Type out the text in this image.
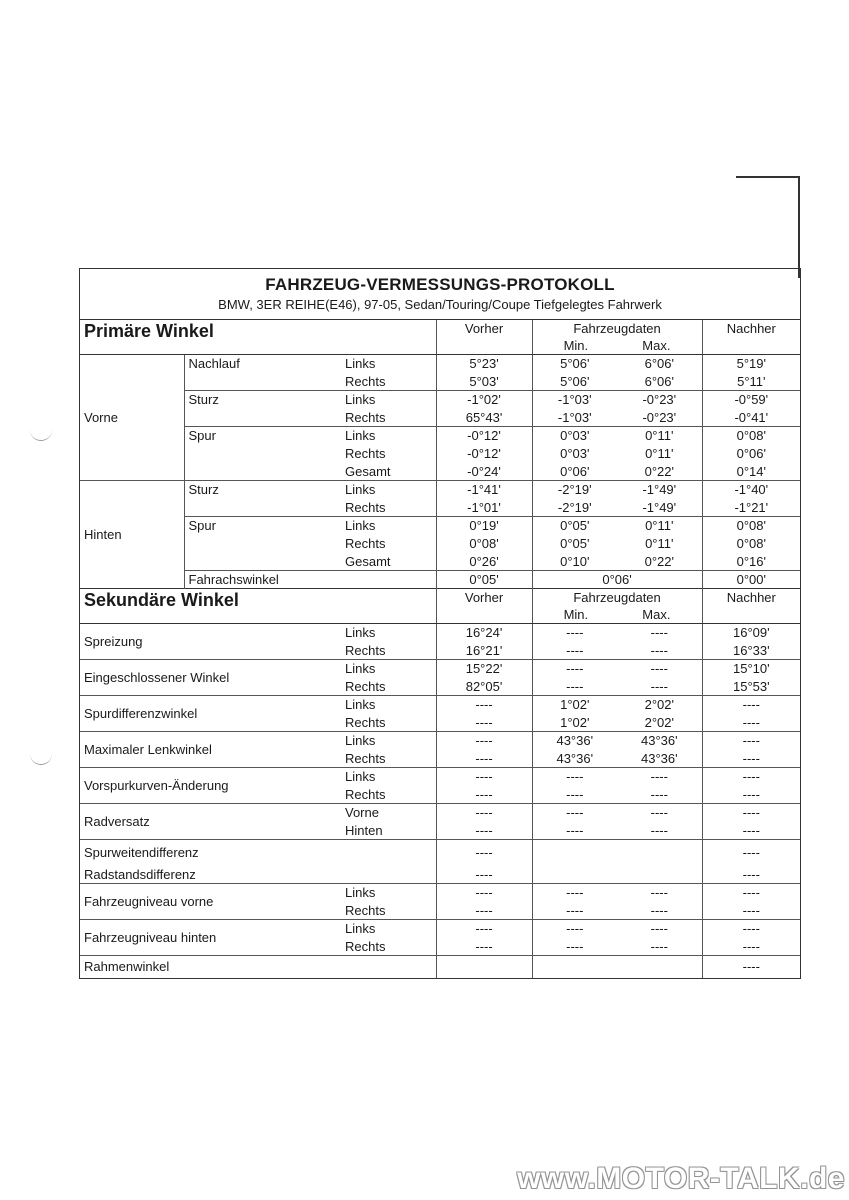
FAHRZEUG-VERMESSUNGS-PROTOKOLL
BMW, 3ER REIHE(E46), 97-05, Sedan/Touring/Coupe Tiefgelegtes Fahrwerk
Primäre Winkel			Vorher	Fahrzeugdaten
Min. Max.		Nachher
Vorne	Nachlauf	Links	5°23'	5°06'	6°06'	5°19'
		Rechts	5°03'	5°06'	6°06'	5°11'
	Sturz	Links	-1°02'	-1°03'	-0°23'	-0°59'
		Rechts	65°43'	-1°03'	-0°23'	-0°41'
	Spur	Links	-0°12'	0°03'	0°11'	0°08'
		Rechts	-0°12'	0°03'	0°11'	0°06'
		Gesamt	-0°24'	0°06'	0°22'	0°14'
Hinten	Sturz	Links	-1°41'	-2°19'	-1°49'	-1°40'
		Rechts	-1°01'	-2°19'	-1°49'	-1°21'
	Spur	Links	0°19'	0°05'	0°11'	0°08'
		Rechts	0°08'	0°05'	0°11'	0°08'
		Gesamt	0°26'	0°10'	0°22'	0°16'
	Fahrachswinkel		0°05'	0°06'		0°00'

Sekundäre Winkel			Vorher	Fahrzeugdaten
Min. Max.		Nachher
Spreizung		Links	16°24'	----	----	16°09'
		Rechts	16°21'	----	----	16°33'
Eingeschlossener Winkel		Links	15°22'	----	----	15°10'
		Rechts	82°05'	----	----	15°53'
Spurdifferenzwinkel		Links	----	1°02'	2°02'	----
		Rechts	----	1°02'	2°02'	----
Maximaler Lenkwinkel		Links	----	43°36'	43°36'	----
		Rechts	----	43°36'	43°36'	----
Vorspurkurven-Änderung		Links	----	----	----	----
		Rechts	----	----	----	----
Radversatz		Vorne	----	----	----	----
		Hinten	----	----	----	----
Spurweitendifferenz			----			----
Radstandsdifferenz			----			----
Fahrzeugniveau vorne		Links	----	----	----	----
		Rechts	----	----	----	----
Fahrzeugniveau hinten		Links	----	----	----	----
		Rechts	----	----	----	----
Rahmenwinkel						----
www.MOTOR-TALK.de
